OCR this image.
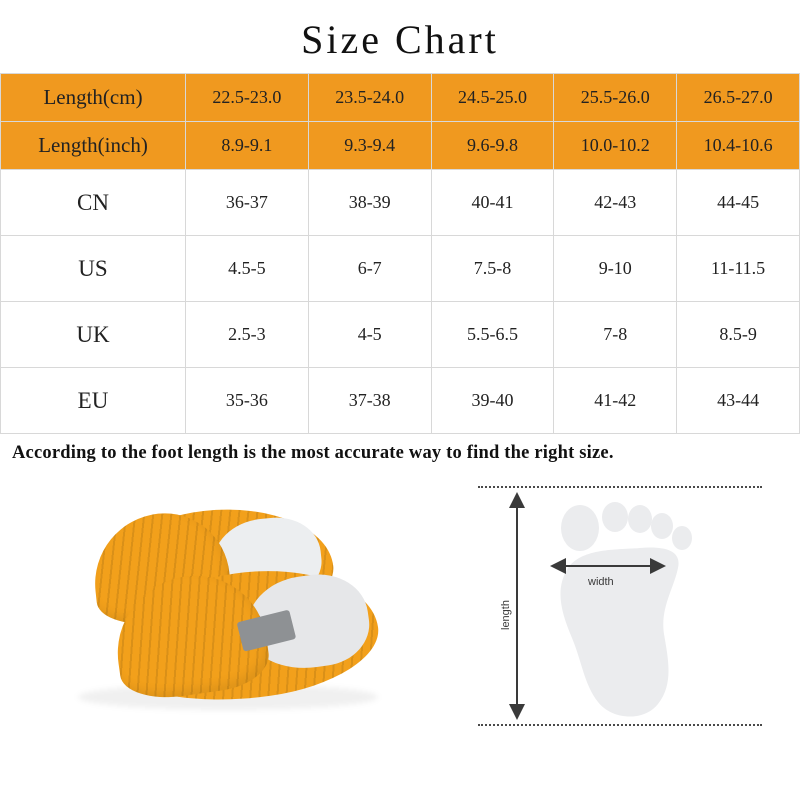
Size Chart
Length(cm)	22.5-23.0	23.5-24.0	24.5-25.0	25.5-26.0	26.5-27.0
Length(inch)	8.9-9.1	9.3-9.4	9.6-9.8	10.0-10.2	10.4-10.6
CN	36-37	38-39	40-41	42-43	44-45
US	4.5-5	6-7	7.5-8	9-10	11-11.5
UK	2.5-3	4-5	5.5-6.5	7-8	8.5-9
EU	35-36	37-38	39-40	41-42	43-44
According to the foot length is the most accurate way to find the right size.
width
length
